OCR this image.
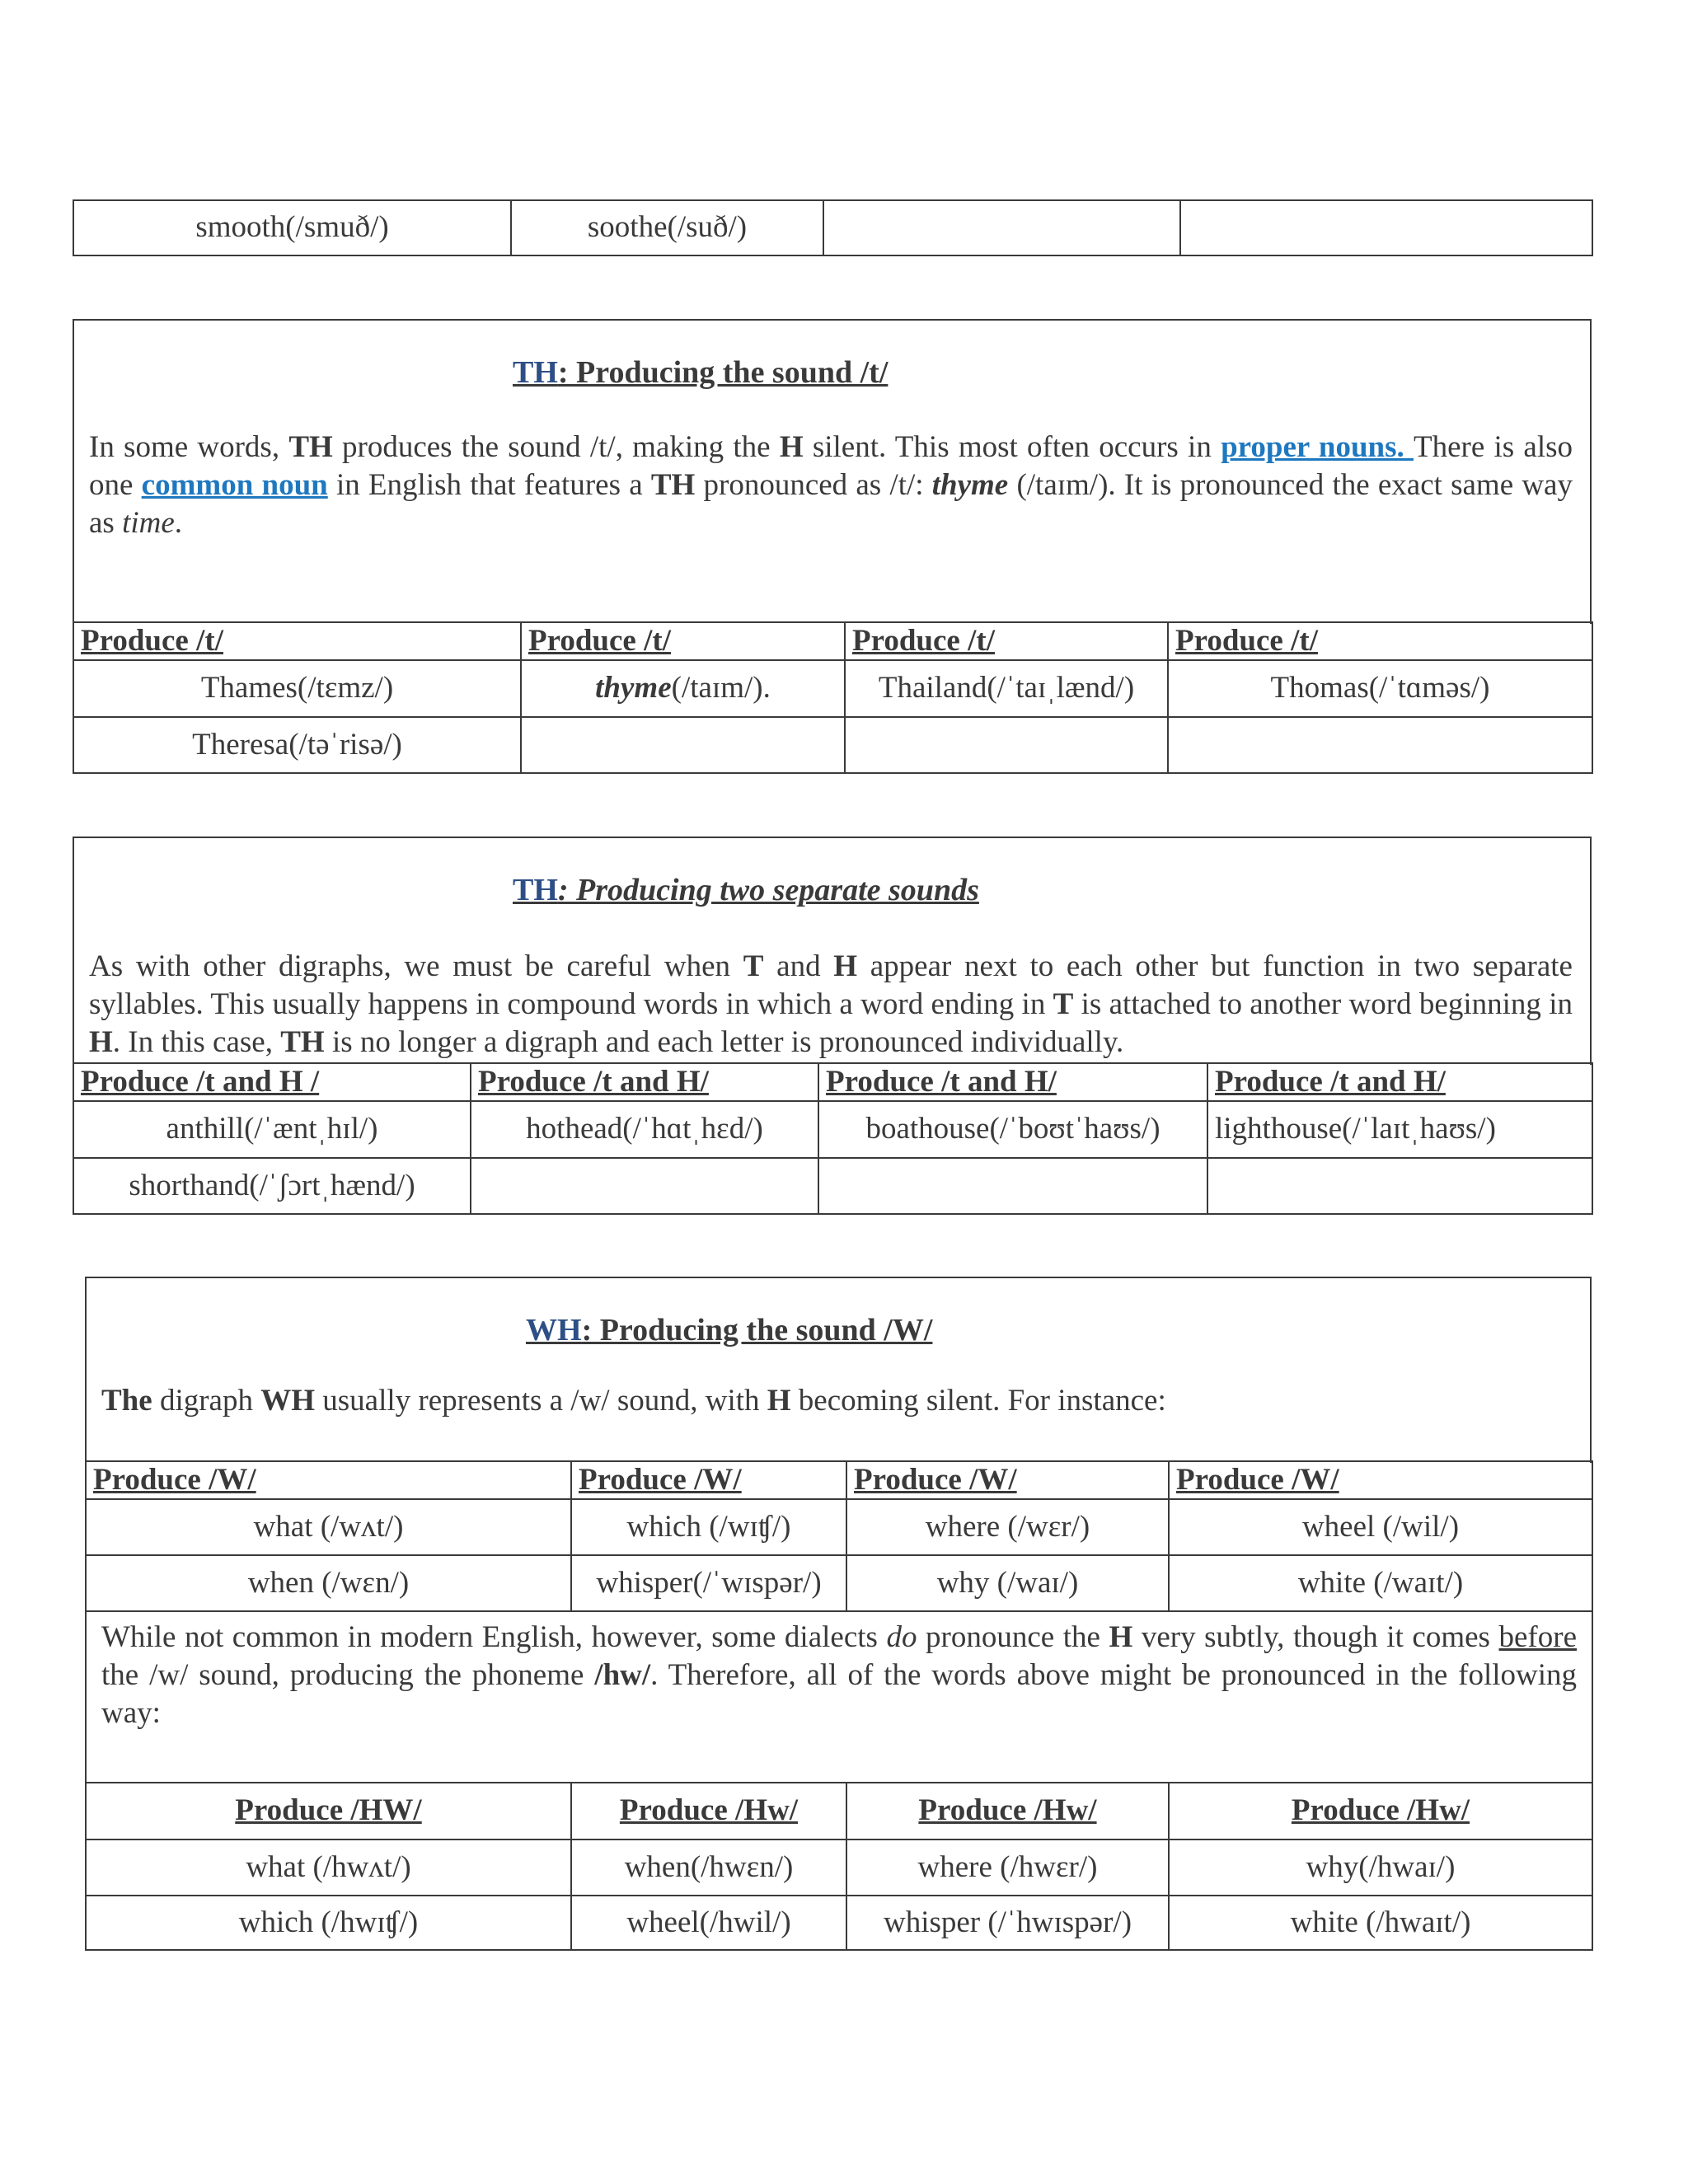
smooth(/smuð/)	soothe(/suð/)		
TH: Producing the sound /t/
In some words, TH produces the sound /t/, making the H silent. This most often occurs in proper nouns. There is also one common noun in English that features a TH pronounced as /t/: thyme (/taɪm/). It is pronounced the exact same way as time.
Produce /t/	Produce /t/	Produce /t/	Produce /t/
Thames(/tɛmz/)	thyme(/taɪm/).	Thailand(/ˈtaɪˌlænd/)	Thomas(/ˈtɑməs/)
Theresa(/təˈrisə/)			
TH: Producing two separate sounds
As with other digraphs, we must be careful when T and H appear next to each other but function in two separate syllables. This usually happens in compound words in which a word ending in T is attached to another word beginning in H. In this case, TH is no longer a digraph and each letter is pronounced individually.
Produce /t and H /	Produce /t and H/	Produce /t and H/	Produce /t and H/
anthill(/ˈæntˌhɪl/)	hothead(/ˈhɑtˌhɛd/)	boathouse(/ˈboʊtˈhaʊs/)	lighthouse(/ˈlaɪtˌhaʊs/)
shorthand(/ˈʃɔrtˌhænd/)			
WH: Producing the sound /W/
The digraph WH usually represents a /w/ sound, with H becoming silent. For instance:
Produce /W/	Produce /W/	Produce /W/	Produce /W/
what (/wʌt/)	which (/wɪʧ/)	where (/wɛr/)	wheel (/wil/)
when (/wɛn/)	whisper(/ˈwɪspər/)	why (/waɪ/)	white (/waɪt/)

While not common in modern English, however, some dialects do pronounce the H very subtly, though it comes before the /w/ sound, producing the phoneme /hw/. Therefore, all of the words above might be pronounced in the following way:			

Produce /HW/	Produce /Hw/	Produce /Hw/	Produce /Hw/
what (/hwʌt/)	when(/hwɛn/)	where (/hwɛr/)	why(/hwaɪ/)
which (/hwɪʧ/)	wheel(/hwil/)	whisper (/ˈhwɪspər/)	white (/hwaɪt/)
